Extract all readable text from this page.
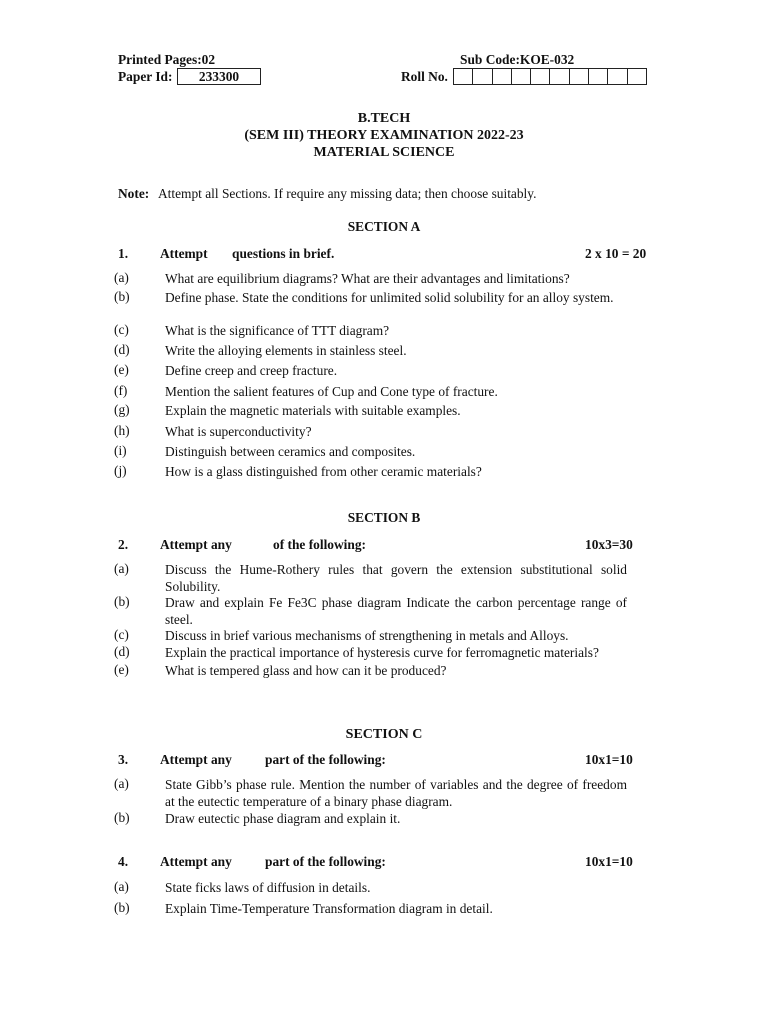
Printed Pages:02	Sub Code:KOE-032
Paper Id:	233300	Roll No.
B.TECH
(SEM III) THEORY EXAMINATION 2022-23
MATERIAL SCIENCE
Note: Attempt all Sections. If require any missing data; then choose suitably.
SECTION A
1. Attempt questions in brief.	2 x 10 = 20
(a)	What are equilibrium diagrams? What are their advantages and limitations?
(b)	Define phase. State the conditions for unlimited solid solubility for an alloy system.
(c)	What is the significance of TTT diagram?
(d)	Write the alloying elements in stainless steel.
(e)	Define creep and creep fracture.
(f)	Mention the salient features of Cup and Cone type of fracture.
(g)	Explain the magnetic materials with suitable examples.
(h)	What is superconductivity?
(i)	Distinguish between ceramics and composites.
(j)	How is a glass distinguished from other ceramic materials?
SECTION B
2. Attempt any	of the following:	10x3=30
(a)	Discuss the Hume-Rothery rules that govern the extension substitutional solid Solubility.
(b)	Draw and explain Fe Fe3C phase diagram Indicate the carbon percentage range of steel.
(c)	Discuss in brief various mechanisms of strengthening in metals and Alloys.
(d)	Explain the practical importance of hysteresis curve for ferromagnetic materials?
(e)	What is tempered glass and how can it be produced?
SECTION C
3. Attempt any part of the following:	10x1=10
(a)	State Gibb’s phase rule. Mention the number of variables and the degree of freedom at the eutectic temperature of a binary phase diagram.
(b)	Draw eutectic phase diagram and explain it.
4. Attempt any part of the following:	10x1=10
(a)	State ficks laws of diffusion in details.
(b)	Explain Time-Temperature Transformation diagram in detail.
